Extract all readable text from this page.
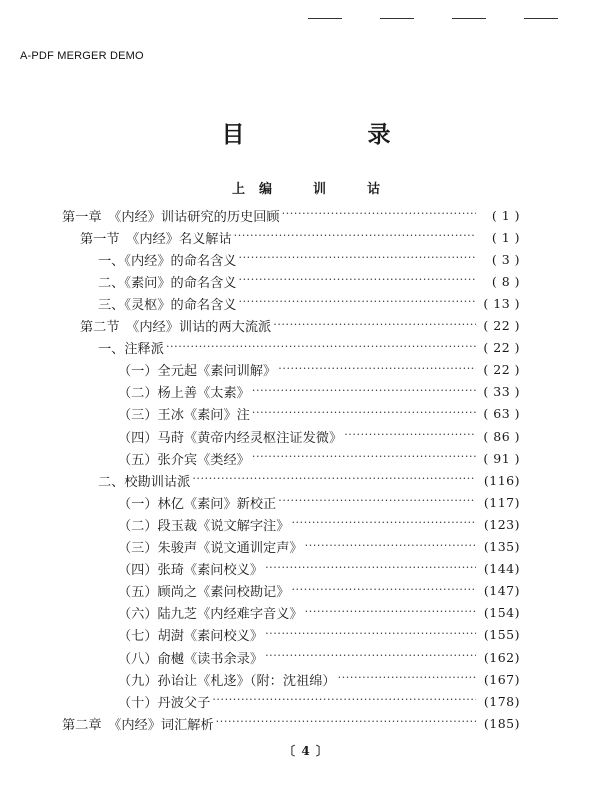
A-PDF MERGER DEMO
目　录
上编　训　诂
第一章　《内经》训诂研究的历史回顾 ·····	( 1 )
第一节　《内经》名义解诂 ·····	( 1 )
一、《内经》的命名含义 ·····	( 3 )
二、《素问》的命名含义 ·····	( 8 )
三、《灵枢》的命名含义 ·····	( 13 )
第二节　《内经》训诂的两大流派 ·····	( 22 )
一、注释派 ·····	( 22 )
（一）全元起《素问训解》 ·····	( 22 )
（二）杨上善《太素》 ·····	( 33 )
（三）王冰《素问》注 ·····	( 63 )
（四）马莳《黄帝内经灵枢注证发微》 ·····	( 86 )
（五）张介宾《类经》 ·····	( 91 )
二、校勘训诂派 ·····	(116)
（一）林亿《素问》新校正 ·····	(117)
（二）段玉裁《说文解字注》 ·····	(123)
（三）朱骏声《说文通训定声》 ·····	(135)
（四）张琦《素问校义》 ·····	(144)
（五）顾尚之《素问校勘记》 ·····	(147)
（六）陆九芝《内经难字音义》 ·····	(154)
（七）胡澍《素问校义》 ·····	(155)
（八）俞樾《读书余录》 ·····	(162)
（九）孙诒让《札迻》（附：沈祖绵） ·····	(167)
（十）丹波父子 ·····	(178)
第二章　《内经》词汇解析 ·····	(185)
〔 4 〕
